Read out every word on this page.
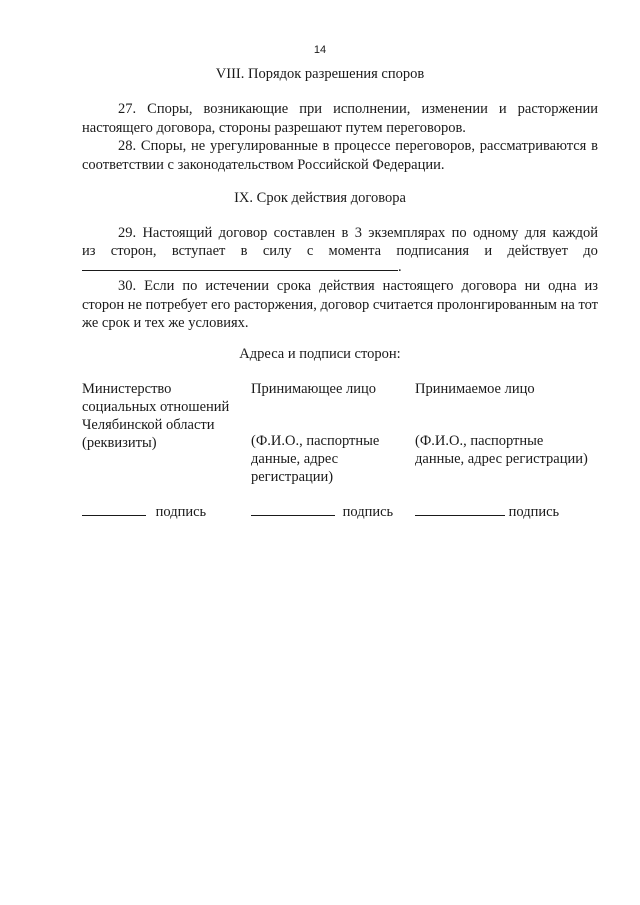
14
VIII. Порядок разрешения споров
27. Споры, возникающие при исполнении, изменении и расторжении настоящего договора, стороны разрешают путем переговоров.
28. Споры, не урегулированные в процессе переговоров, рассматриваются в соответствии с законодательством Российской Федерации.
IX. Срок действия договора
29. Настоящий договор составлен в 3 экземплярах по одному для каждой
из сторон, вступает в силу с момента подписания и действует до
.
30. Если по истечении срока действия настоящего договора ни одна из сторон не потребует его расторжения, договор считается пролонгированным на тот же срок и тех же условиях.
Адреса и подписи сторон:
Министерство
социальных отношений
Челябинской области
(реквизиты)
Принимающее лицо
(Ф.И.О., паспортные
данные, адрес
регистрации)
Принимаемое лицо
(Ф.И.О., паспортные
данные, адрес регистрации)
подпись	подпись	подпись
